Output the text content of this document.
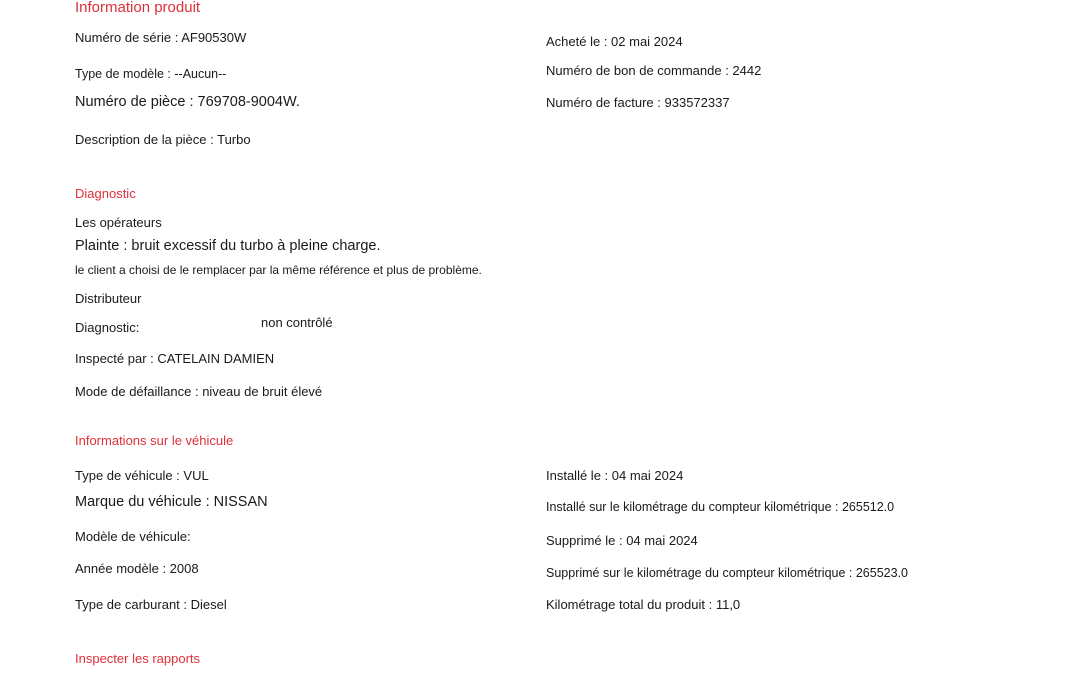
Information produit
Numéro de série : AF90530W
Type de modèle : --Aucun--
Numéro de pièce : 769708-9004W.
Description de la pièce : Turbo
Acheté le : 02 mai 2024
Numéro de bon de commande : 2442
Numéro de facture : 933572337
Diagnostic
Les opérateurs
Plainte : bruit excessif du turbo à pleine charge.
le client a choisi de le remplacer par la même référence et plus de problème.
Distributeur
Diagnostic:	non contrôlé
Inspecté par : CATELAIN DAMIEN
Mode de défaillance : niveau de bruit élevé
Informations sur le véhicule
Type de véhicule : VUL
Marque du véhicule : NISSAN
Modèle de véhicule:
Année modèle : 2008
Type de carburant : Diesel
Installé le : 04 mai 2024
Installé sur le kilométrage du compteur kilométrique : 265512.0
Supprimé le : 04 mai 2024
Supprimé sur le kilométrage du compteur kilométrique : 265523.0
Kilométrage total du produit : 11,0
Inspecter les rapports
